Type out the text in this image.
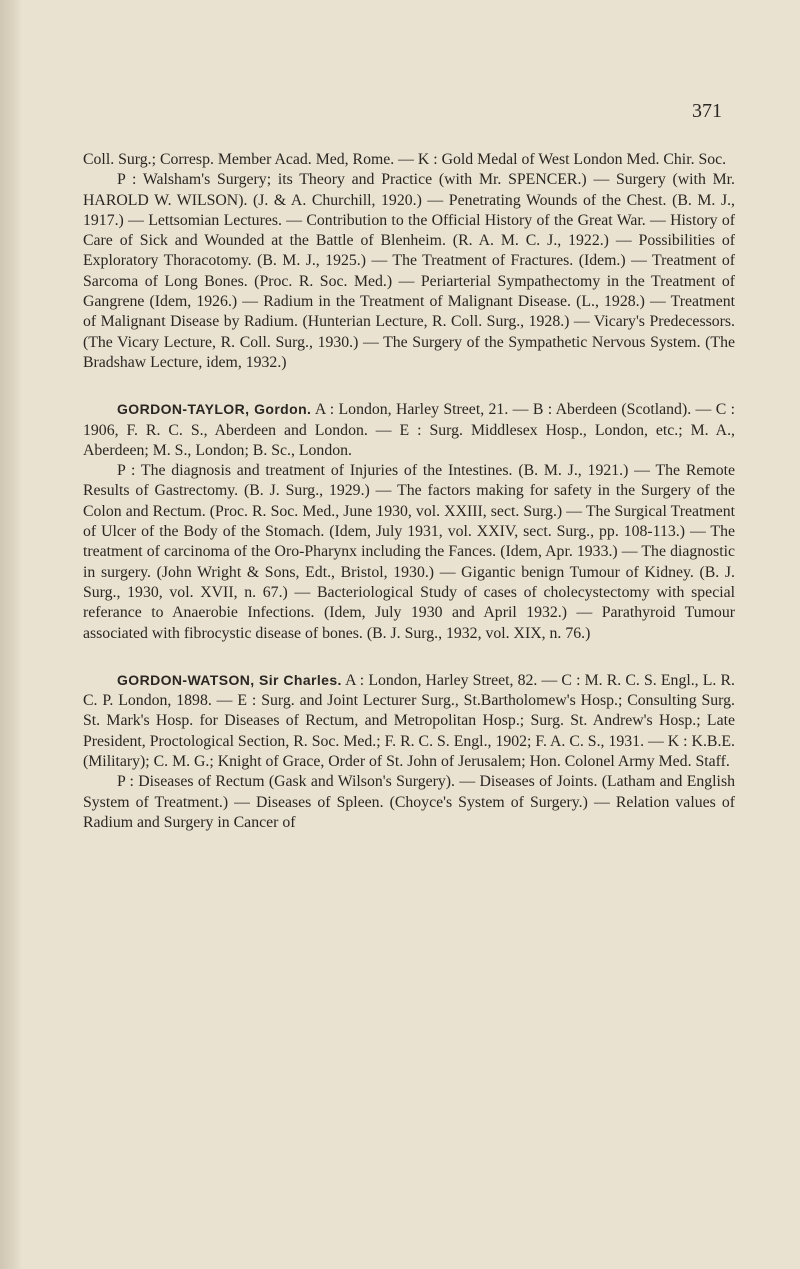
371

Coll. Surg.; Corresp. Member Acad. Med, Rome. — K : Gold Medal of West London Med. Chir. Soc.

P : Walsham's Surgery; its Theory and Practice (with Mr. SPENCER.) — Surgery (with Mr. HAROLD W. WILSON). (J. & A. Churchill, 1920.) — Penetrating Wounds of the Chest. (B. M. J., 1917.) — Lettsomian Lectures. — Contribution to the Official History of the Great War. — History of Care of Sick and Wounded at the Battle of Blenheim. (R. A. M. C. J., 1922.) — Possibilities of Exploratory Thoracotomy. (B. M. J., 1925.) — The Treatment of Fractures. (Idem.) — Treatment of Sarcoma of Long Bones. (Proc. R. Soc. Med.) — Periarterial Sympathectomy in the Treatment of Gangrene (Idem, 1926.) — Radium in the Treatment of Malignant Disease. (L., 1928.) — Treatment of Malignant Disease by Radium. (Hunterian Lecture, R. Coll. Surg., 1928.) — Vicary's Predecessors. (The Vicary Lecture, R. Coll. Surg., 1930.) — The Surgery of the Sympathetic Nervous System. (The Bradshaw Lecture, idem, 1932.)

GORDON-TAYLOR, Gordon. A : London, Harley Street, 21. — B : Aberdeen (Scotland). — C : 1906, F. R. C. S., Aberdeen and London. — E : Surg. Middlesex Hosp., London, etc.; M. A., Aberdeen; M. S., London; B. Sc., London.

P : The diagnosis and treatment of Injuries of the Intestines. (B. M. J., 1921.) — The Remote Results of Gastrectomy. (B. J. Surg., 1929.) — The factors making for safety in the Surgery of the Colon and Rectum. (Proc. R. Soc. Med., June 1930, vol. XXIII, sect. Surg.) — The Surgical Treatment of Ulcer of the Body of the Stomach. (Idem, July 1931, vol. XXIV, sect. Surg., pp. 108-113.) — The treatment of carcinoma of the Oro-Pharynx including the Fances. (Idem, Apr. 1933.) — The diagnostic in surgery. (John Wright & Sons, Edt., Bristol, 1930.) — Gigantic benign Tumour of Kidney. (B. J. Surg., 1930, vol. XVII, n. 67.) — Bacteriological Study of cases of cholecystectomy with special referance to Anaerobie Infections. (Idem, July 1930 and April 1932.) — Parathyroid Tumour associated with fibrocystic disease of bones. (B. J. Surg., 1932, vol. XIX, n. 76.)

GORDON-WATSON, Sir Charles. A : London, Harley Street, 82. — C : M. R. C. S. Engl., L. R. C. P. London, 1898. — E : Surg. and Joint Lecturer Surg., St.Bartholomew's Hosp.; Consulting Surg. St. Mark's Hosp. for Diseases of Rectum, and Metropolitan Hosp.; Surg. St. Andrew's Hosp.; Late President, Proctological Section, R. Soc. Med.; F. R. C. S. Engl., 1902; F. A. C. S., 1931. — K : K.B.E. (Military); C. M. G.; Knight of Grace, Order of St. John of Jerusalem; Hon. Colonel Army Med. Staff.

P : Diseases of Rectum (Gask and Wilson's Surgery). — Diseases of Joints. (Latham and English System of Treatment.) — Diseases of Spleen. (Choyce's System of Surgery.) — Relation values of Radium and Surgery in Cancer of
